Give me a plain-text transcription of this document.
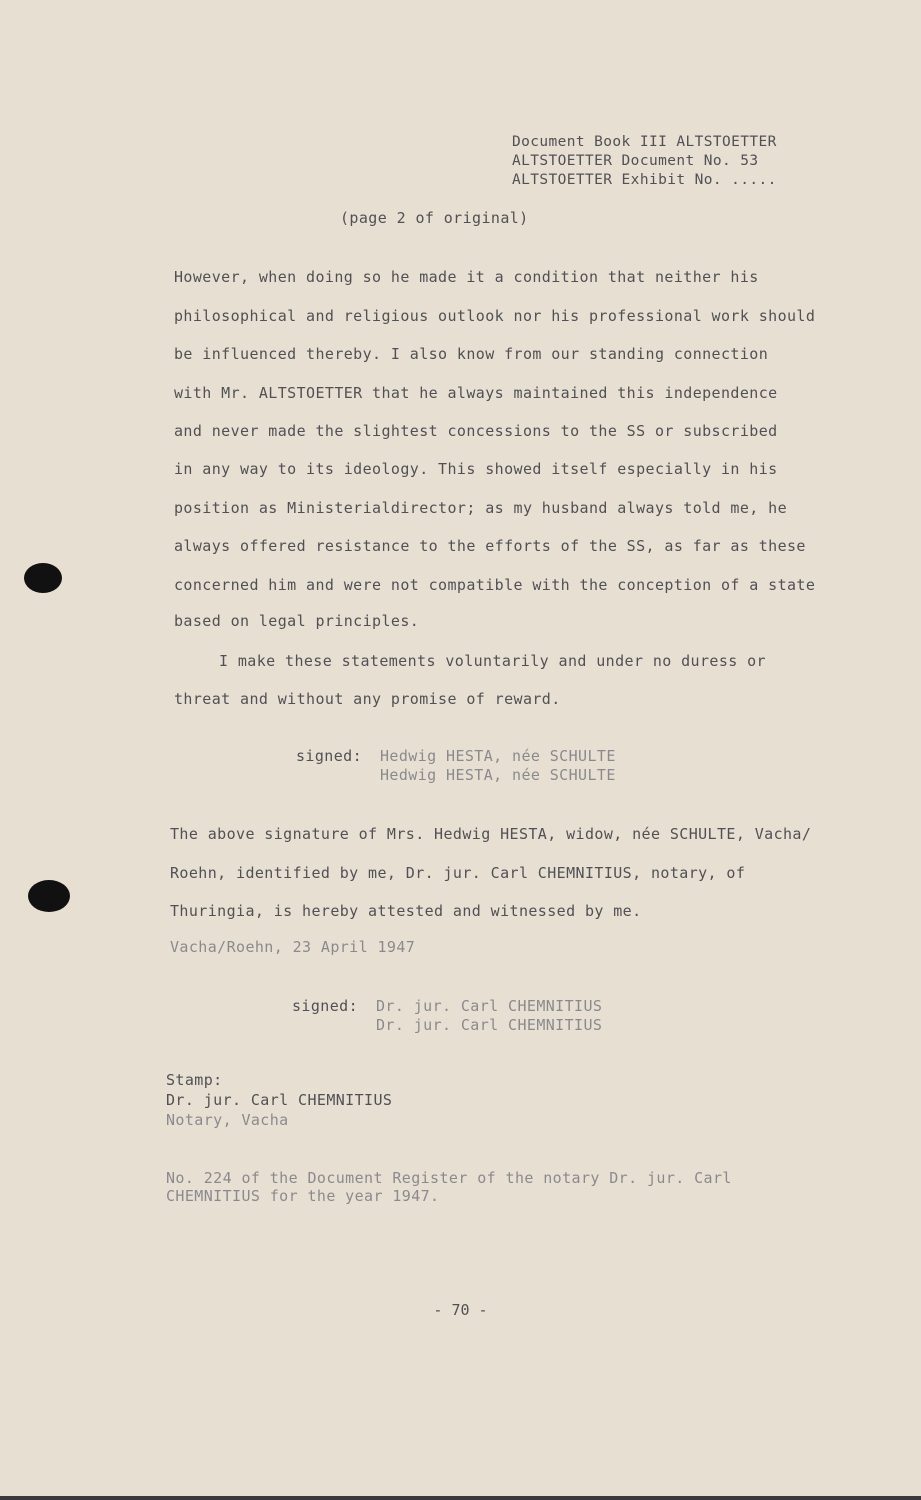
Document Book III ALTSTOETTER
ALTSTOETTER Document No. 53
ALTSTOETTER Exhibit No. .....
(page 2 of original)
However, when doing so he made it a condition that neither his
philosophical and religious outlook nor his professional work should
be influenced thereby. I also know from our standing connection
with Mr. ALTSTOETTER that he always maintained this independence
and never made the slightest concessions to the SS or subscribed
in any way to its ideology. This showed itself especially in his
position as Ministerialdirector; as my husband always told me, he
always offered resistance to the efforts of the SS, as far as these
concerned him and were not compatible with the conception of a state
based on legal principles.
I make these statements voluntarily and under no duress or
threat and without any promise of reward.
signed: Hedwig HESTA, née SCHULTE
Hedwig HESTA, née SCHULTE
The above signature of Mrs. Hedwig HESTA, widow, née SCHULTE, Vacha/
Roehn, identified by me, Dr. jur. Carl CHEMNITIUS, notary, of
Thuringia, is hereby attested and witnessed by me.
Vacha/Roehn, 23 April 1947
signed: Dr. jur. Carl CHEMNITIUS
Dr. jur. Carl CHEMNITIUS
Stamp:
Dr. jur. Carl CHEMNITIUS
Notary, Vacha
No. 224 of the Document Register of the notary Dr. jur. Carl
CHEMNITIUS for the year 1947.
- 70 -
